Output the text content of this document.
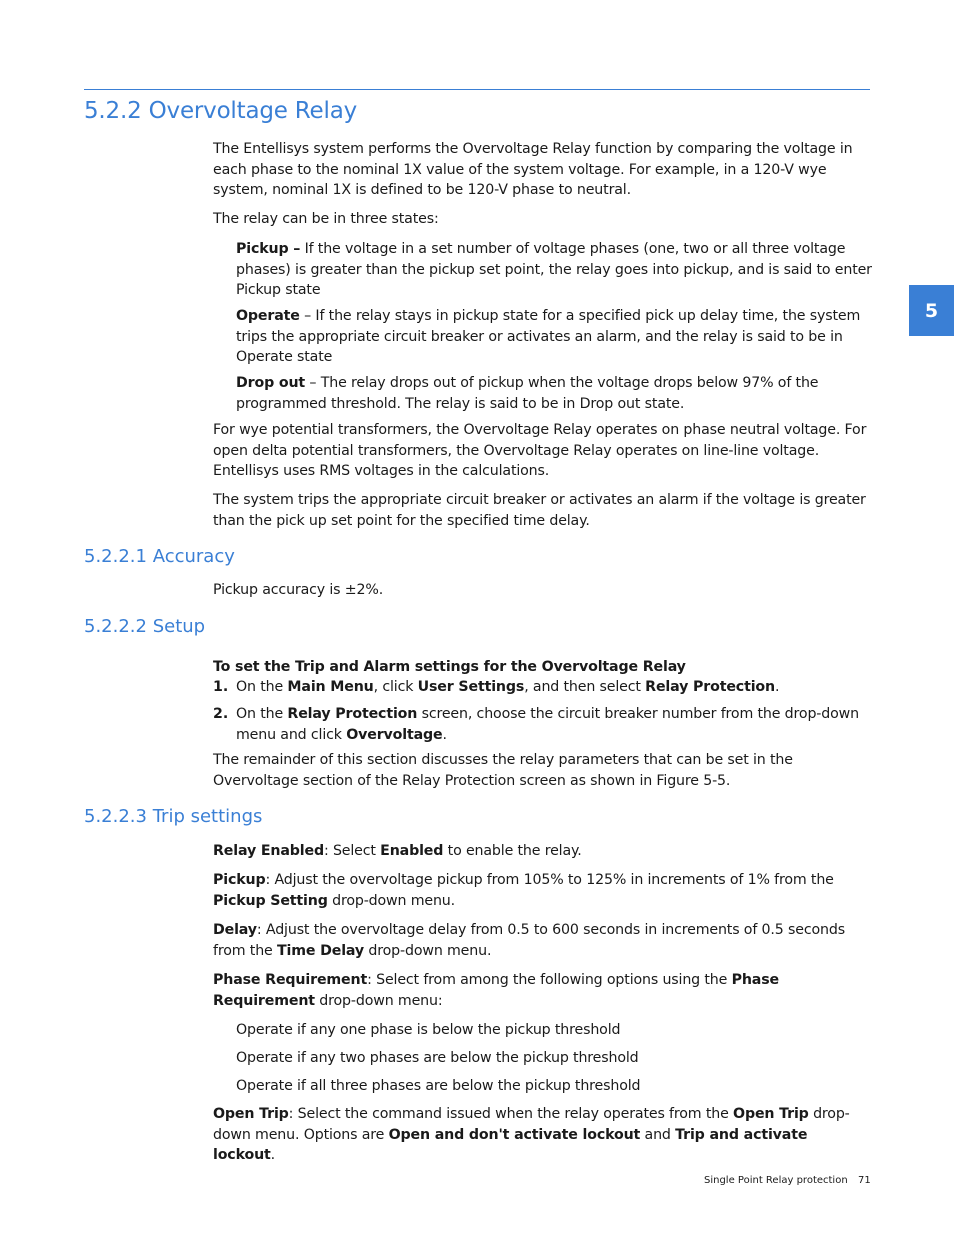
5
5.2.2 Overvoltage Relay
The Entellisys system performs the Overvoltage Relay function by comparing the voltage in each phase to the nominal 1X value of the system voltage. For example, in a 120-V wye system, nominal 1X is defined to be 120-V phase to neutral.
The relay can be in three states:
Pickup – If the voltage in a set number of voltage phases (one, two or all three voltage phases) is greater than the pickup set point, the relay goes into pickup, and is said to enter Pickup state
Operate – If the relay stays in pickup state for a specified pick up delay time, the system trips the appropriate circuit breaker or activates an alarm, and the relay is said to be in Operate state
Drop out – The relay drops out of pickup when the voltage drops below 97% of the programmed threshold. The relay is said to be in Drop out state.
For wye potential transformers, the Overvoltage Relay operates on phase neutral voltage. For open delta potential transformers, the Overvoltage Relay operates on line-line voltage. Entellisys uses RMS voltages in the calculations.
The system trips the appropriate circuit breaker or activates an alarm if the voltage is greater than the pick up set point for the specified time delay.
5.2.2.1 Accuracy
Pickup accuracy is ±2%.
5.2.2.2 Setup
To set the Trip and Alarm settings for the Overvoltage Relay
1. On the Main Menu, click User Settings, and then select Relay Protection.
2. On the Relay Protection screen, choose the circuit breaker number from the drop-down menu and click Overvoltage.
The remainder of this section discusses the relay parameters that can be set in the Overvoltage section of the Relay Protection screen as shown in Figure 5-5.
5.2.2.3 Trip settings
Relay Enabled: Select Enabled to enable the relay.
Pickup: Adjust the overvoltage pickup from 105% to 125% in increments of 1% from the Pickup Setting drop-down menu.
Delay: Adjust the overvoltage delay from 0.5 to 600 seconds in increments of 0.5 seconds from the Time Delay drop-down menu.
Phase Requirement: Select from among the following options using the Phase Requirement drop-down menu:
Operate if any one phase is below the pickup threshold
Operate if any two phases are below the pickup threshold
Operate if all three phases are below the pickup threshold
Open Trip: Select the command issued when the relay operates from the Open Trip drop-down menu. Options are Open and don't activate lockout and Trip and activate lockout.
Single Point Relay protection 71
